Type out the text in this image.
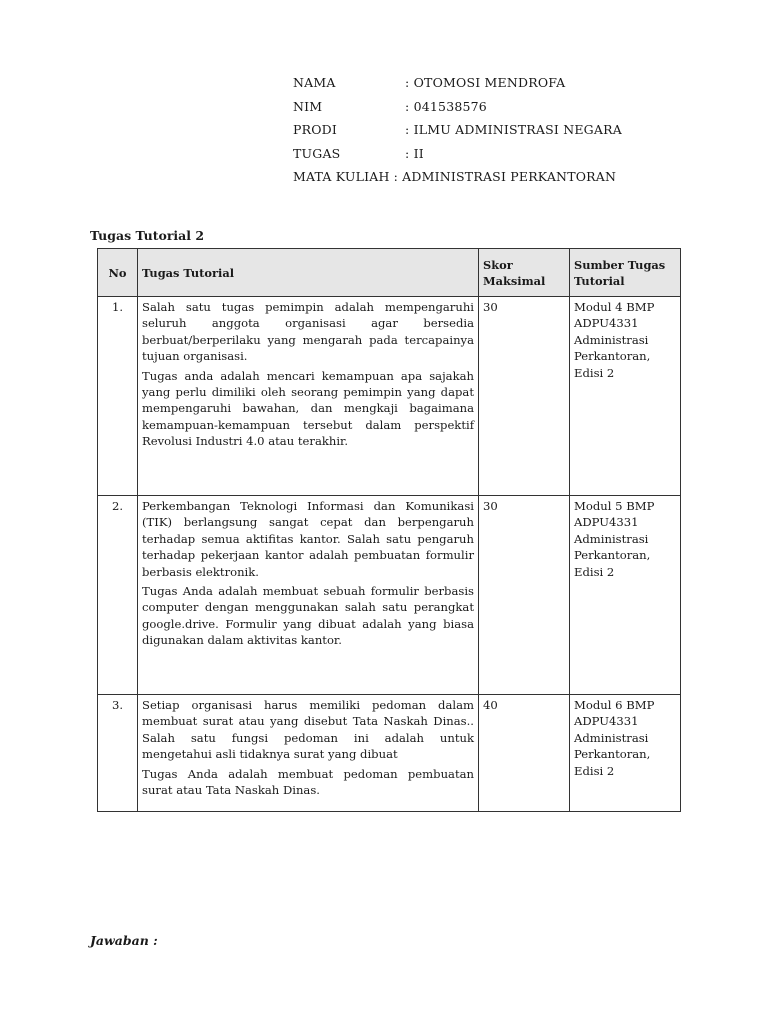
NAMA	: OTOMOSI MENDROFA
NIM	: 041538576
PRODI	: ILMU ADMINISTRASI NEGARA
TUGAS	: II
MATA KULIAH : ADMINISTRASI PERKANTORAN
Tugas Tutorial 2
No	Tugas Tutorial	Skor Maksimal	Sumber Tugas Tutorial
1.	Salah satu tugas pemimpin adalah mempengaruhi seluruh anggota organisasi agar bersedia berbuat/berperilaku yang mengarah pada tercapainya tujuan organisasi.

Tugas anda adalah mencari kemampuan apa sajakah yang perlu dimiliki oleh seorang pemimpin yang dapat mempengaruhi bawahan, dan mengkaji bagaimana kemampuan-kemampuan tersebut dalam perspektif Revolusi Industri 4.0 atau terakhir.	30	Modul 4 BMP ADPU4331 Administrasi Perkantoran, Edisi 2
2.	Perkembangan Teknologi Informasi dan Komunikasi (TIK) berlangsung sangat cepat dan berpengaruh terhadap semua aktifitas kantor. Salah satu pengaruh terhadap pekerjaan kantor adalah pembuatan formulir berbasis elektronik.

Tugas Anda adalah membuat sebuah formulir berbasis computer dengan menggunakan salah satu perangkat google.drive. Formulir yang dibuat adalah yang biasa digunakan dalam aktivitas kantor.	30	Modul 5 BMP ADPU4331 Administrasi Perkantoran, Edisi 2
3.	Setiap organisasi harus memiliki pedoman dalam membuat surat atau yang disebut Tata Naskah Dinas.. Salah satu fungsi pedoman ini adalah untuk mengetahui asli tidaknya surat yang dibuat

Tugas Anda adalah membuat pedoman pembuatan surat atau Tata Naskah Dinas.	40	Modul 6 BMP ADPU4331 Administrasi Perkantoran, Edisi 2
Jawaban :
